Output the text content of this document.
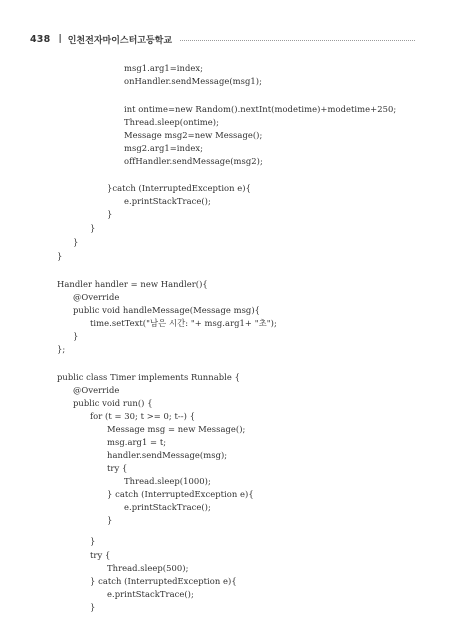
438 | 인천전자마이스터고등학교
msg1.arg1=index;
onHandler.sendMessage(msg1);
int ontime=new Random().nextInt(modetime)+modetime+250;
Thread.sleep(ontime);
Message msg2=new Message();
msg2.arg1=index;
offHandler.sendMessage(msg2);
}catch (InterruptedException e){
e.printStackTrace();
}
}
}
}
Handler handler = new Handler(){
@Override
public void handleMessage(Message msg){
time.setText("남은 시간: "+ msg.arg1+ "초");
}
};
public class Timer implements Runnable {
@Override
public void run() {
for (t = 30; t >= 0; t--) {
Message msg = new Message();
msg.arg1 = t;
handler.sendMessage(msg);
try {
Thread.sleep(1000);
} catch (InterruptedException e){
e.printStackTrace();
}
}
try {
Thread.sleep(500);
} catch (InterruptedException e){
e.printStackTrace();
}
